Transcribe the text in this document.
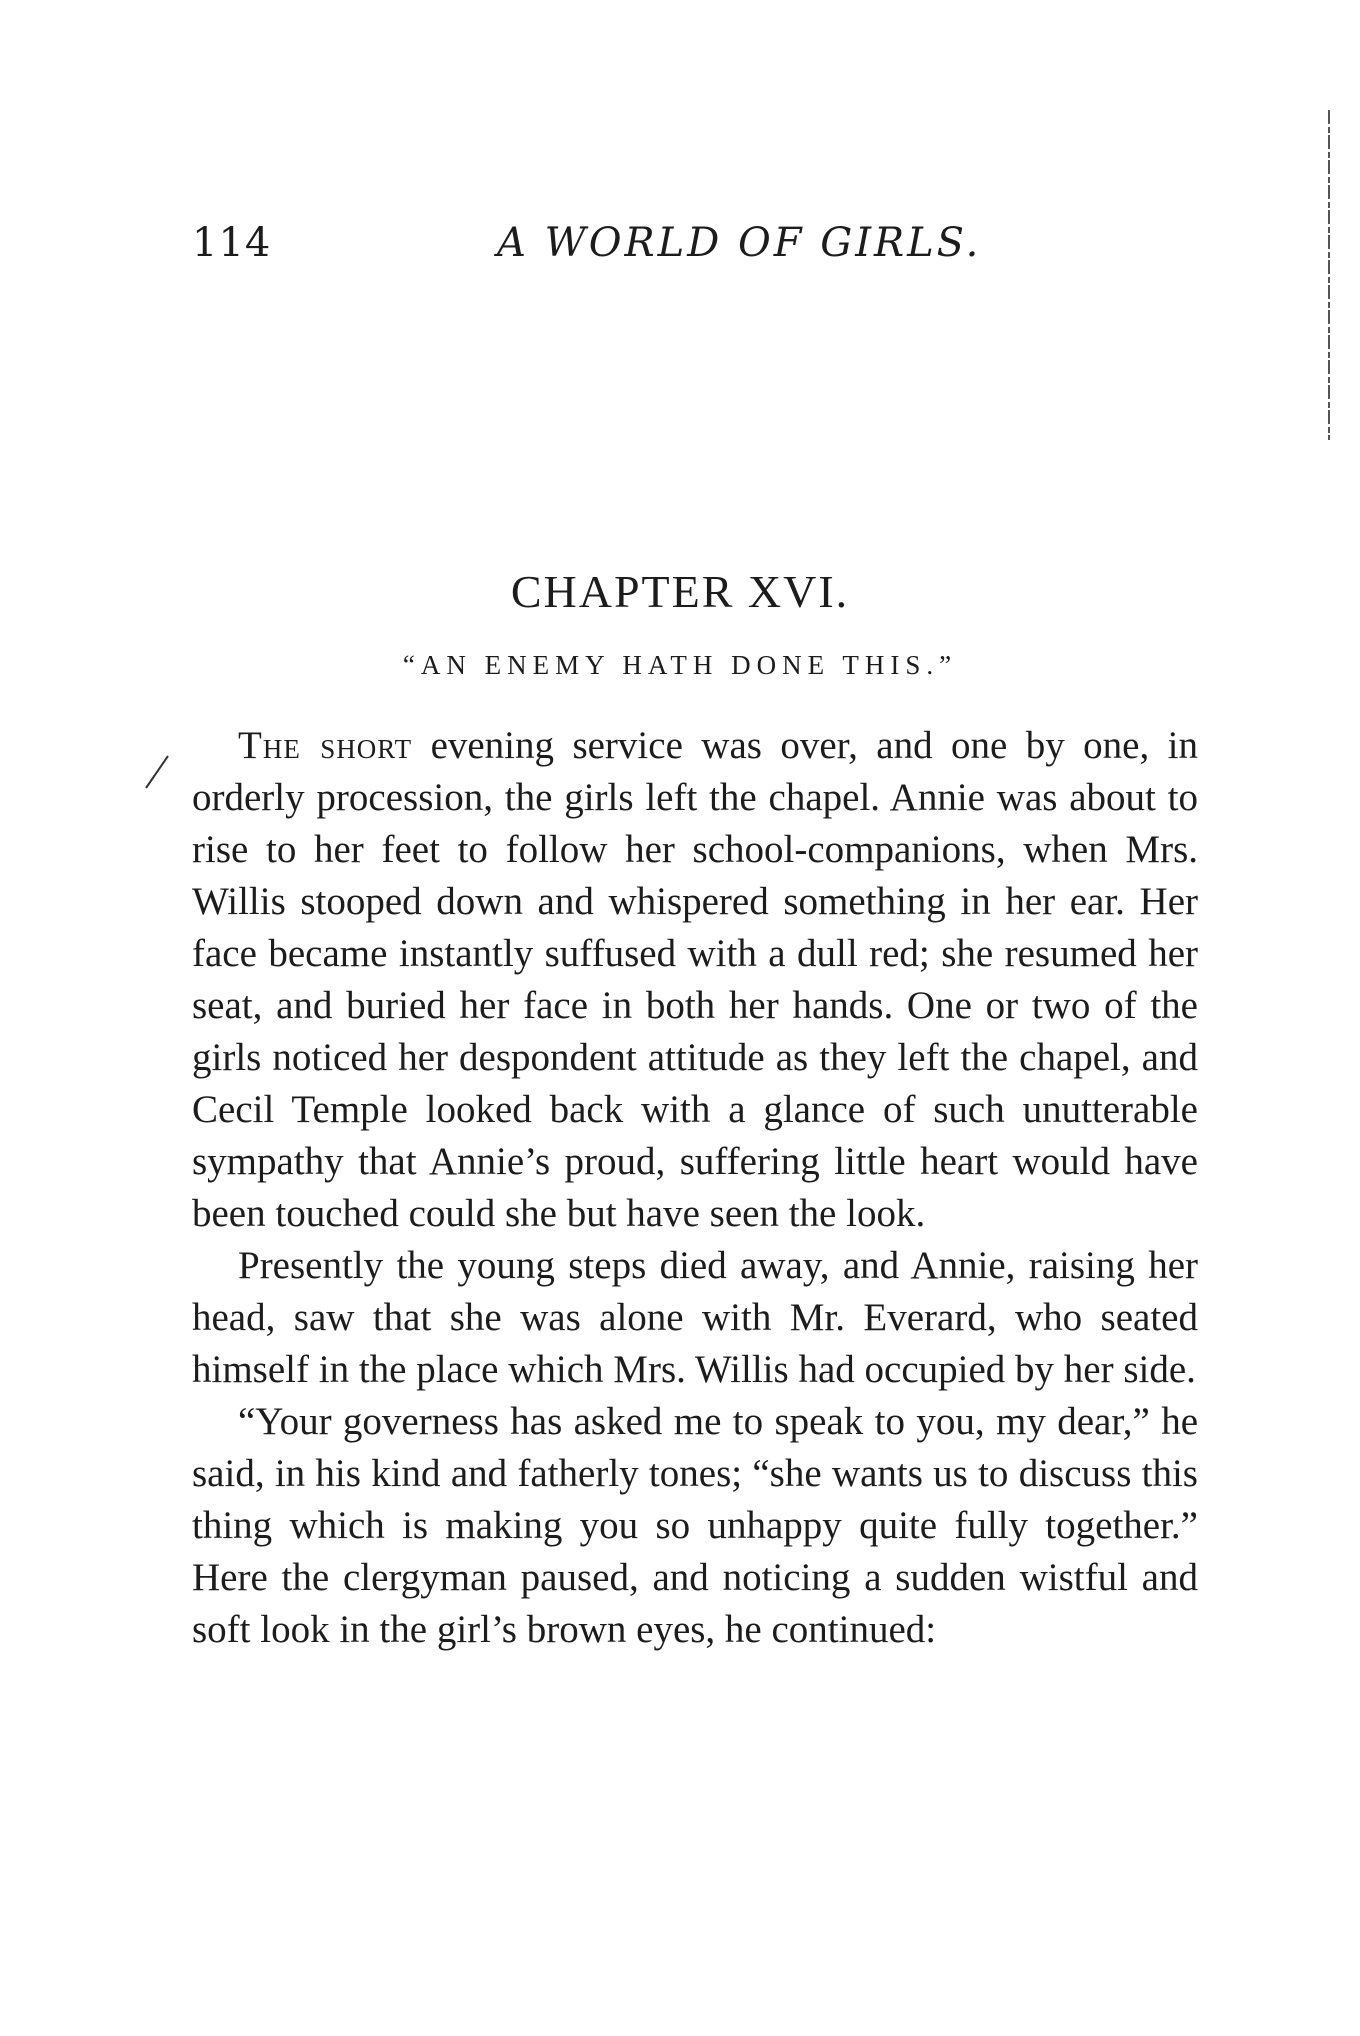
114	A WORLD OF GIRLS.
CHAPTER XVI.
“AN ENEMY HATH DONE THIS.”

The short evening service was over, and one by one, in orderly procession, the girls left the chapel. Annie was about to rise to her feet to follow her school-companions, when Mrs. Willis stooped down and whispered something in her ear. Her face became instantly suffused with a dull red; she resumed her seat, and buried her face in both her hands. One or two of the girls noticed her despondent attitude as they left the chapel, and Cecil Temple looked back with a glance of such unutterable sympathy that Annie’s proud, suffering little heart would have been touched could she but have seen the look.

Presently the young steps died away, and Annie, raising her head, saw that she was alone with Mr. Everard, who seated himself in the place which Mrs. Willis had occupied by her side.

“Your governess has asked me to speak to you, my dear,” he said, in his kind and fatherly tones; “she wants us to discuss this thing which is making you so unhappy quite fully together.” Here the clergyman paused, and noticing a sudden wistful and soft look in the girl’s brown eyes, he continued:
